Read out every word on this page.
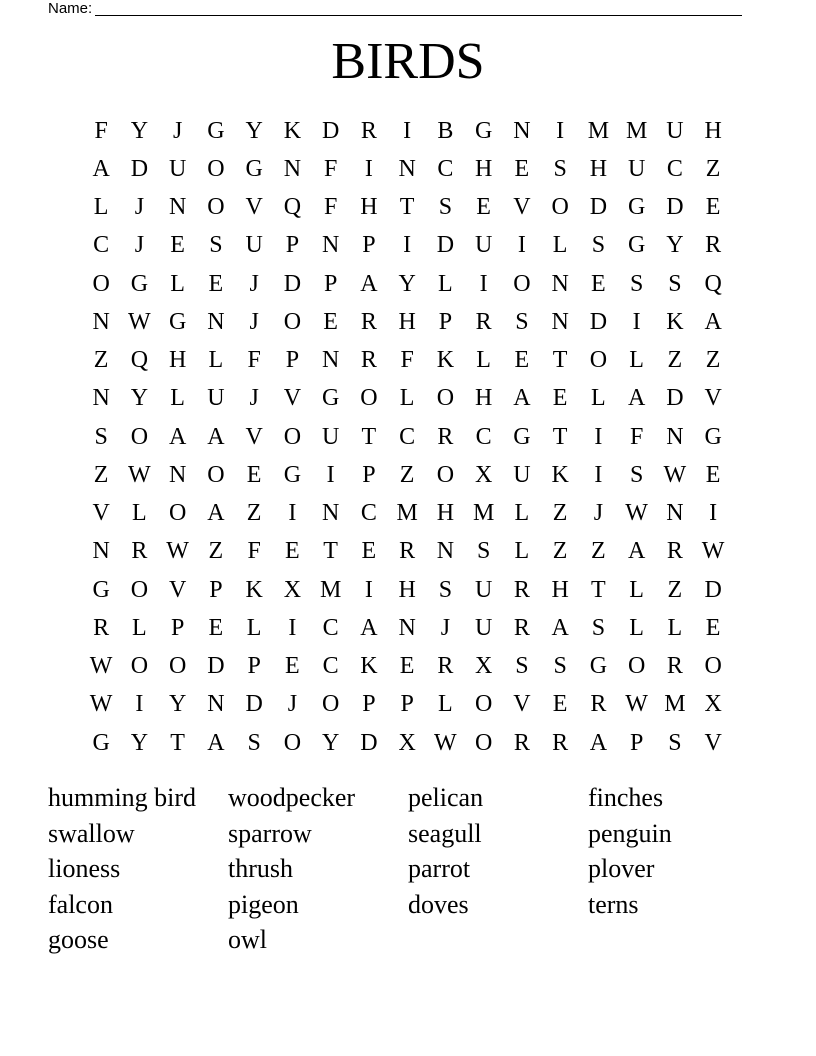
Name:
BIRDS
F Y	J	G Y K D R	I	B G N	I M M U H
A D U O G N F	I	N C H E	S H U C Z
L	J	N O V Q F H T	S	E V O D G D E
C	J	E	S U P N P	I	D U	I	L	S G Y R
O G L E	J	D P A Y L	I	O N E	S	S Q
N W G N	J	O E R H P R S N D	I	K A
Z Q H L	F	P N R F K L E T O L Z Z
N Y L U	J	V G O L O H A E L A D V
S O A A V O U T C R C G T	I	F N G
Z W N O E G	I	P	Z O X U K	I	S W E
V L O A Z	I	N C M H M L Z	J W N	I
N R W Z	F	E T E R N S	L Z Z A R W
G O V P K X M I	H S U R H T L Z D
R L	P	E L	I	C A N	J	U R A S	L L E
W O O D P	E C K E R X S	S G O R O
W I	Y N D	J	O P	P	L O V E R W M X
G Y T A S O Y D X W O R R A P	S V
humming bird	woodpecker	pelican	finches
swallow	sparrow	seagull	penguin
lioness	thrush	parrot	plover
falcon	pigeon	doves	terns
goose	owl
